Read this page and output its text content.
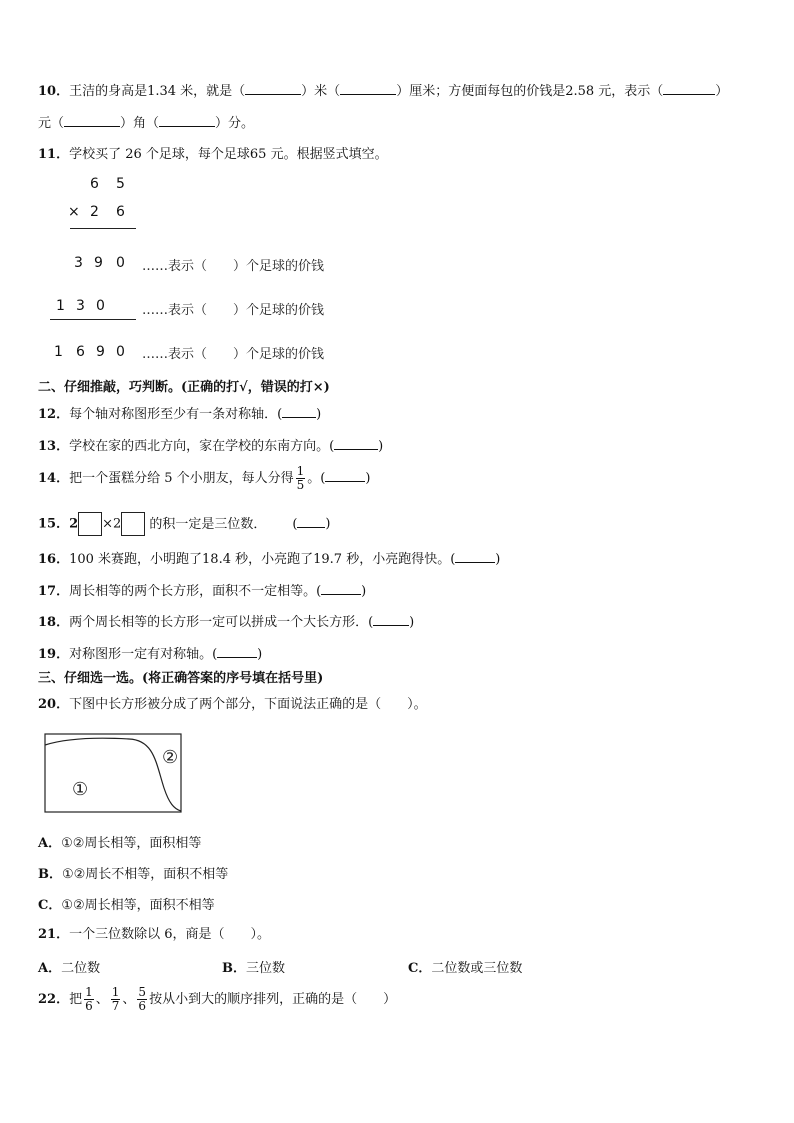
10．王洁的身高是1.34 米，就是（	）米（	）厘米；方便面每包的价钱是2.58 元，表示（	）
元（	）角（	）分。
11．学校买了 26 个足球，每个足球65 元。根据竖式填空。
6 5
× 2 6
3 9 0 ……表示（　　）个足球的价钱
1 3 0	……表示（　　）个足球的价钱
1 6 9 0 ……表示（　　）个足球的价钱
二、仔细推敲，巧判断。(正确的打√，错误的打×)
12．每个轴对称图形至少有一条对称轴．(	)
13．学校在家的西北方向，家在学校的东南方向。(	)
14．把一个蛋糕分给 5 个小朋友，每人分得 $\frac{1}{5}$ 。(	)
15．2 ×2 的积一定是三位数． ( )
16．100 米赛跑，小明跑了18.4 秒，小亮跑了19.7 秒，小亮跑得快。(	)
17．周长相等的两个长方形，面积不一定相等。(	)
18．两个周长相等的长方形一定可以拼成一个大长方形．(	)
19．对称图形一定有对称轴。(	)
三、仔细选一选。(将正确答案的序号填在括号里)
20．下图中长方形被分成了两个部分，下面说法正确的是（　　）。
②
①
A．①②周长相等，面积相等
B．①②周长不相等，面积不相等
C．①②周长相等，面积不相等
21．一个三位数除以 6，商是（　　）。
A．二位数	B．三位数	C．二位数或三位数
22．把 $\frac{1}{6}$ 、 $\frac{1}{7}$ 、 $\frac{5}{6}$ 按从小到大的顺序排列，正确的是（　　）
